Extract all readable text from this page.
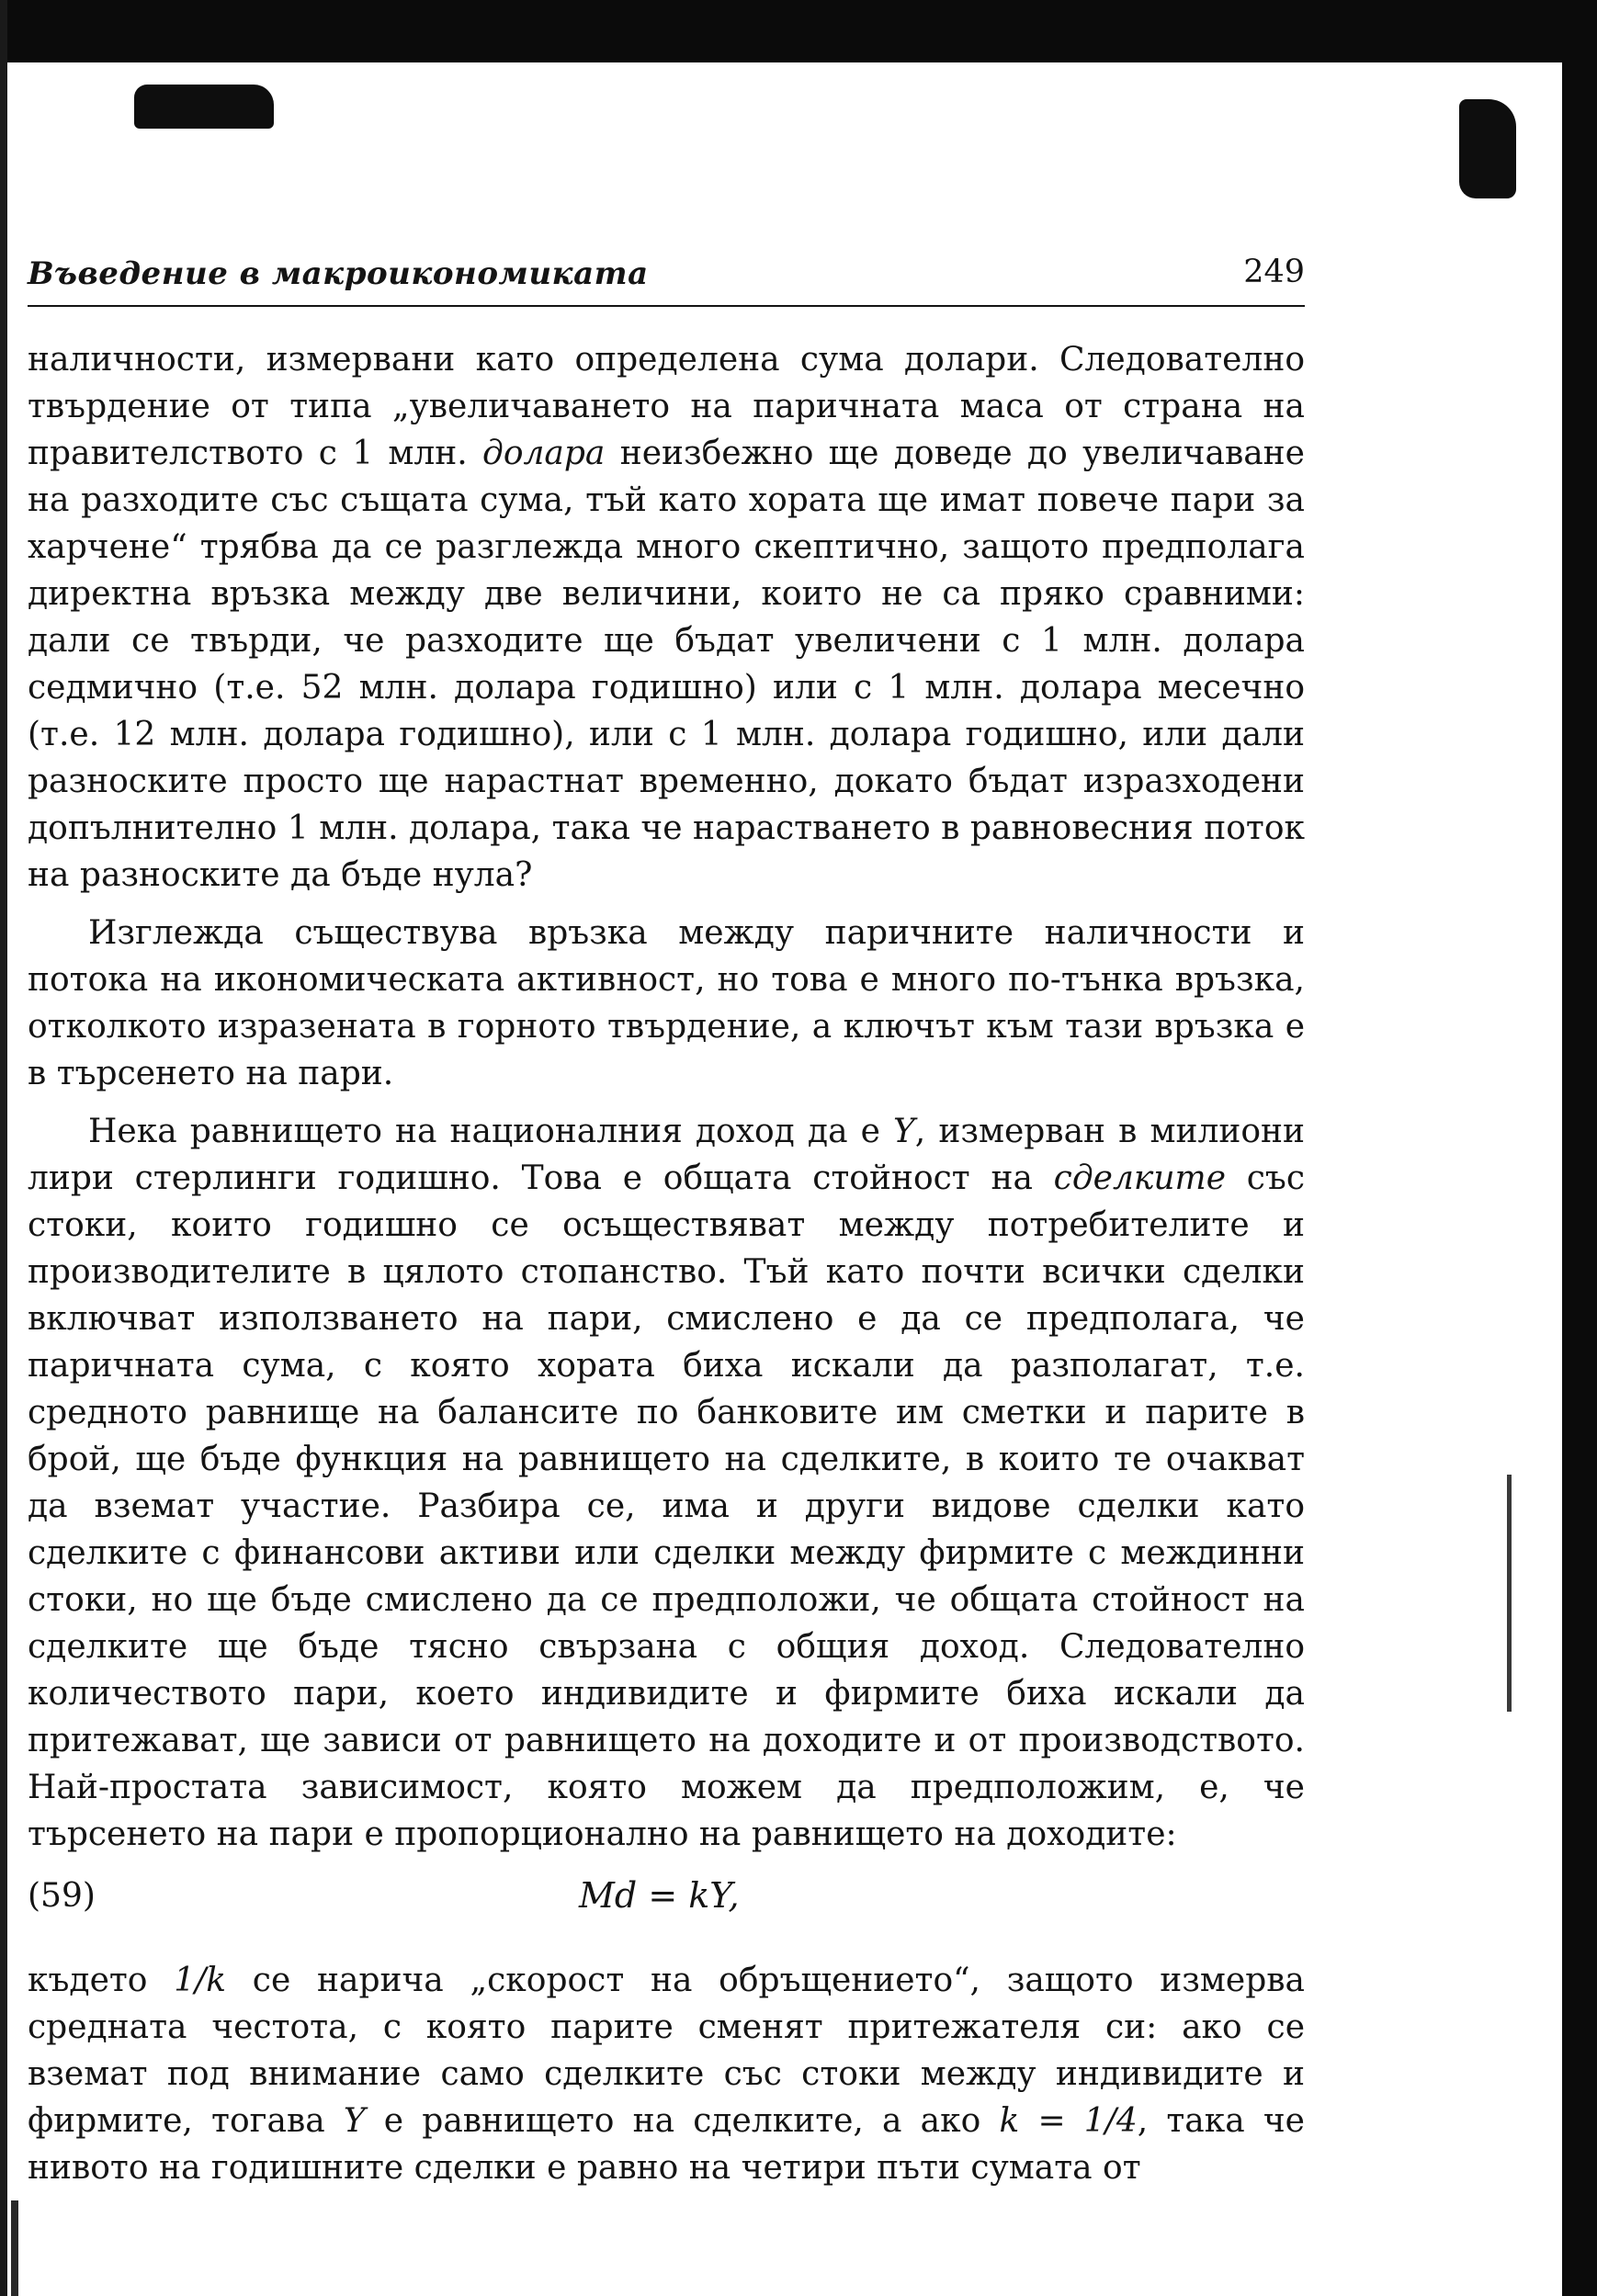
Въведение в макроикономиката	249

наличности, измервани като определена сума долари. Следователно твърдение от типа „увеличаването на паричната маса от страна на правителството с 1 млн. долара неизбежно ще доведе до увеличаване на разходите със същата сума, тъй като хората ще имат повече пари за харчене“ трябва да се разглежда много скептично, защото предполага директна връзка между две величини, които не са пряко сравними: дали се твърди, че разходите ще бъдат увеличени с 1 млн. долара седмично (т.е. 52 млн. долара годишно) или с 1 млн. долара месечно (т.е. 12 млн. долара годишно), или с 1 млн. долара годишно, или дали разноските просто ще нарастнат временно, докато бъдат изразходени допълнително 1 млн. долара, така че нарастването в равновесния поток на разноските да бъде нула?

Изглежда съществува връзка между паричните наличности и потока на икономическата активност, но това е много по-тънка връзка, отколкото изразената в горното твърдение, а ключът към тази връзка е в търсенето на пари.

Нека равнището на националния доход да е Y, измерван в милиони лири стерлинги годишно. Това е общата стойност на сделките със стоки, които годишно се осъществяват между потребителите и производителите в цялото стопанство. Тъй като почти всички сделки включват използването на пари, смислено е да се предполага, че паричната сума, с която хората биха искали да разполагат, т.е. средното равнище на балансите по банковите им сметки и парите в брой, ще бъде функция на равнището на сделките, в които те очакват да вземат участие. Разбира се, има и други видове сделки като сделките с финансови активи или сделки между фирмите с междинни стоки, но ще бъде смислено да се предположи, че общата стойност на сделките ще бъде тясно свързана с общия доход. Следователно количеството пари, което индивидите и фирмите биха искали да притежават, ще зависи от равнището на доходите и от производството. Най-простата зависимост, която можем да предположим, е, че търсенето на пари е пропорционално на равнището на доходите:

(59)	Md = kY,

където 1/k се нарича „скорост на обръщението“, защото измерва средната честота, с която парите сменят притежателя си: ако се вземат под внимание само сделките със стоки между индивидите и фирмите, тогава Y е равнището на сделките, а ако k = 1/4, така че нивото на годишните сделки е равно на четири пъти сумата от
